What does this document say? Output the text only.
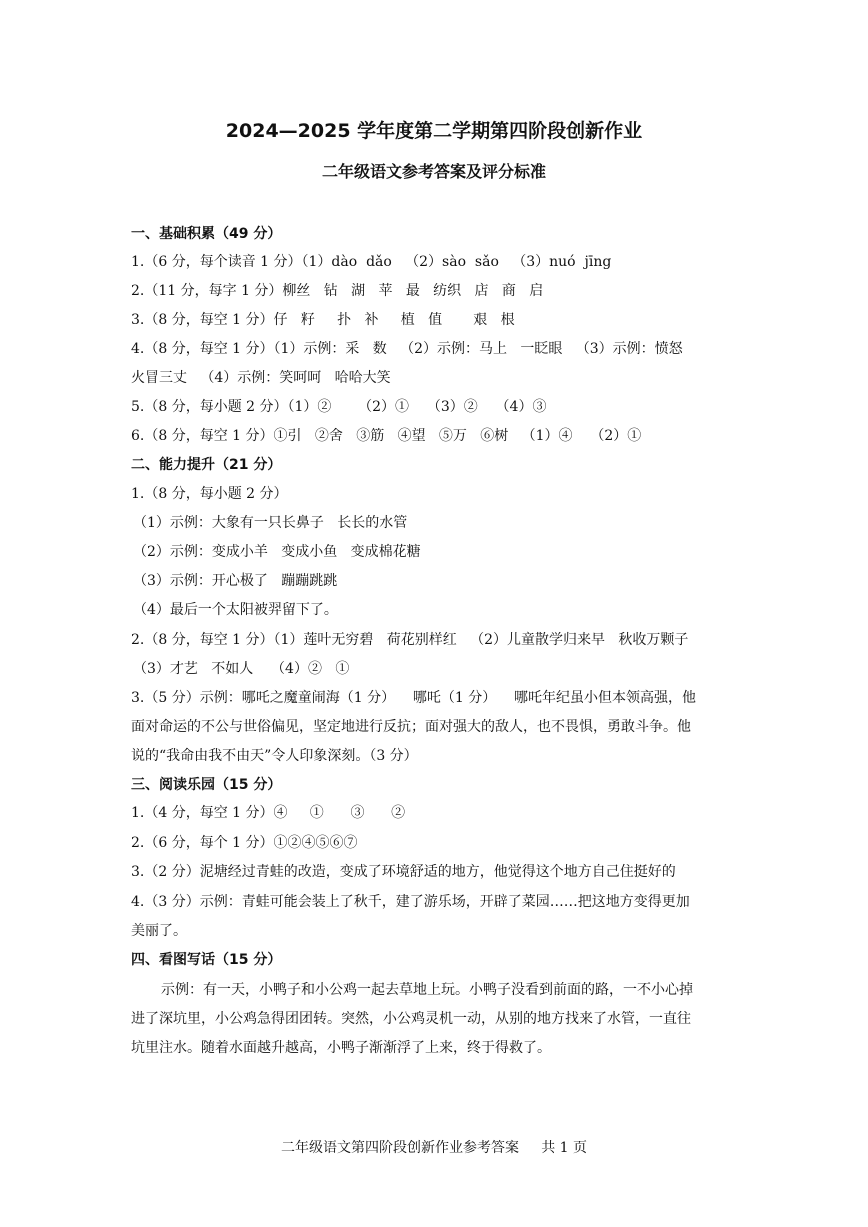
2024—2025 学年度第二学期第四阶段创新作业
二年级语文参考答案及评分标准
一、基础积累（49 分）
1.（6 分，每个读音 1 分）（1）dào  dǎo   （2）sào  sǎo   （3）nuó  jīng
2.（11 分，每字 1 分）柳丝   钻   湖   苹   最   纺织   店   商   启
3.（8 分，每空 1 分）仔   籽     扑   补     植   值       艰   根
4.（8 分，每空 1 分）（1）示例：采   数   （2）示例：马上   一眨眼   （3）示例：愤怒
火冒三丈   （4）示例：笑呵呵   哈哈大笑
5.（8 分，每小题 2 分）（1）②      （2）①    （3）②    （4）③
6.（8 分，每空 1 分）①引   ②舍   ③筋   ④望   ⑤万   ⑥树   （1）④    （2）①
二、能力提升（21 分）
1.（8 分，每小题 2 分）
（1）示例：大象有一只长鼻子   长长的水管
（2）示例：变成小羊   变成小鱼   变成棉花糖
（3）示例：开心极了   蹦蹦跳跳
（4）最后一个太阳被羿留下了。
2.（8 分，每空 1 分）（1）莲叶无穷碧   荷花别样红   （2）儿童散学归来早   秋收万颗子
（3）才艺   不如人    （4）②   ①
3.（5 分）示例：哪吒之魔童闹海（1 分）    哪吒（1 分）    哪吒年纪虽小但本领高强，他
面对命运的不公与世俗偏见，坚定地进行反抗；面对强大的敌人，也不畏惧，勇敢斗争。他
说的“我命由我不由天”令人印象深刻。（3 分）
三、阅读乐园（15 分）
1.（4 分，每空 1 分）④     ①      ③      ②
2.（6 分，每个 1 分）①②④⑤⑥⑦
3.（2 分）泥塘经过青蛙的改造，变成了环境舒适的地方，他觉得这个地方自己住挺好的
4.（3 分）示例：青蛙可能会装上了秋千，建了游乐场，开辟了菜园……把这地方变得更加
美丽了。
四、看图写话（15 分）
示例：有一天，小鸭子和小公鸡一起去草地上玩。小鸭子没看到前面的路，一不小心掉
进了深坑里，小公鸡急得团团转。突然，小公鸡灵机一动，从别的地方找来了水管，一直往
坑里注水。随着水面越升越高，小鸭子渐渐浮了上来，终于得救了。
二年级语文第四阶段创新作业参考答案     共 1 页
